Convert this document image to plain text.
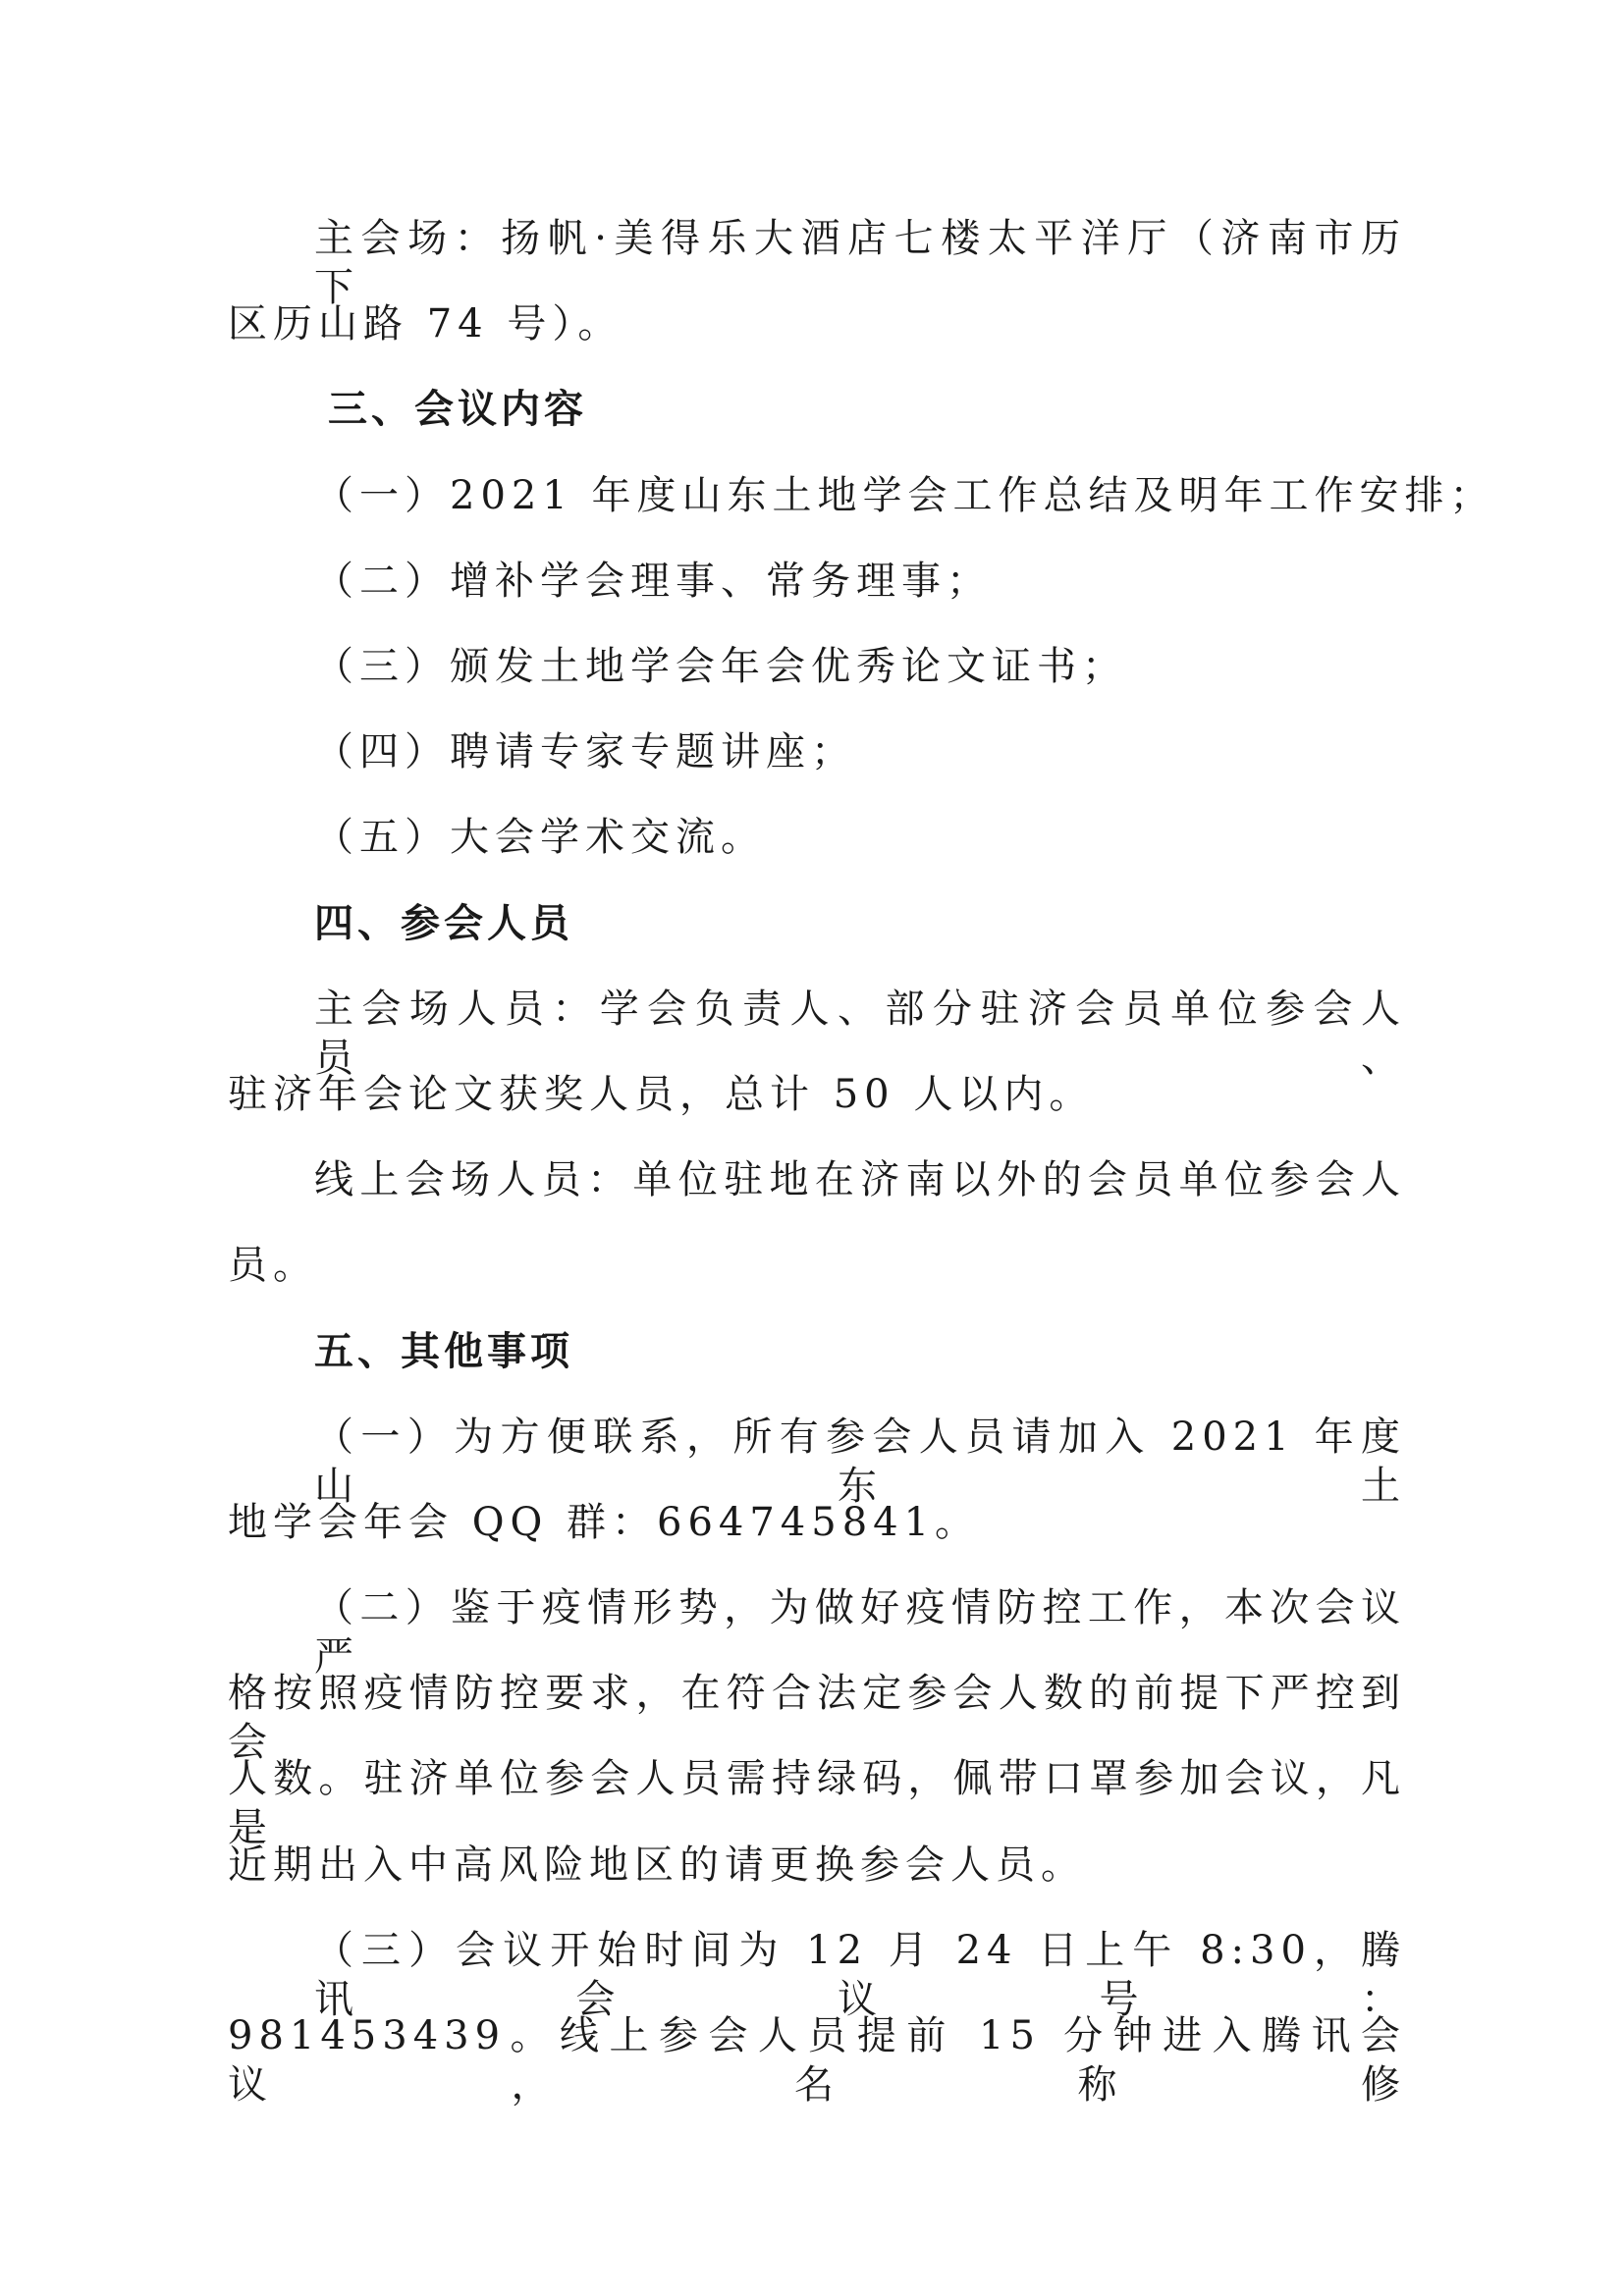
主会场：扬帆·美得乐大酒店七楼太平洋厅（济南市历下
区历山路 74 号）。
三、会议内容
（一）2021 年度山东土地学会工作总结及明年工作安排；
（二）增补学会理事、常务理事；
（三）颁发土地学会年会优秀论文证书；
（四）聘请专家专题讲座；
（五）大会学术交流。
四、参会人员
主会场人员：学会负责人、部分驻济会员单位参会人员、
驻济年会论文获奖人员，总计 50 人以内。
线上会场人员：单位驻地在济南以外的会员单位参会人
员。
五、其他事项
（一）为方便联系，所有参会人员请加入 2021 年度山东土
地学会年会 QQ 群：664745841。
（二）鉴于疫情形势，为做好疫情防控工作，本次会议严
格按照疫情防控要求，在符合法定参会人数的前提下严控到会
人数。驻济单位参会人员需持绿码，佩带口罩参加会议，凡是
近期出入中高风险地区的请更换参会人员。
（三）会议开始时间为 12 月 24 日上午 8:30，腾讯会议号：
981453439。线上参会人员提前 15 分钟进入腾讯会议，名称修
